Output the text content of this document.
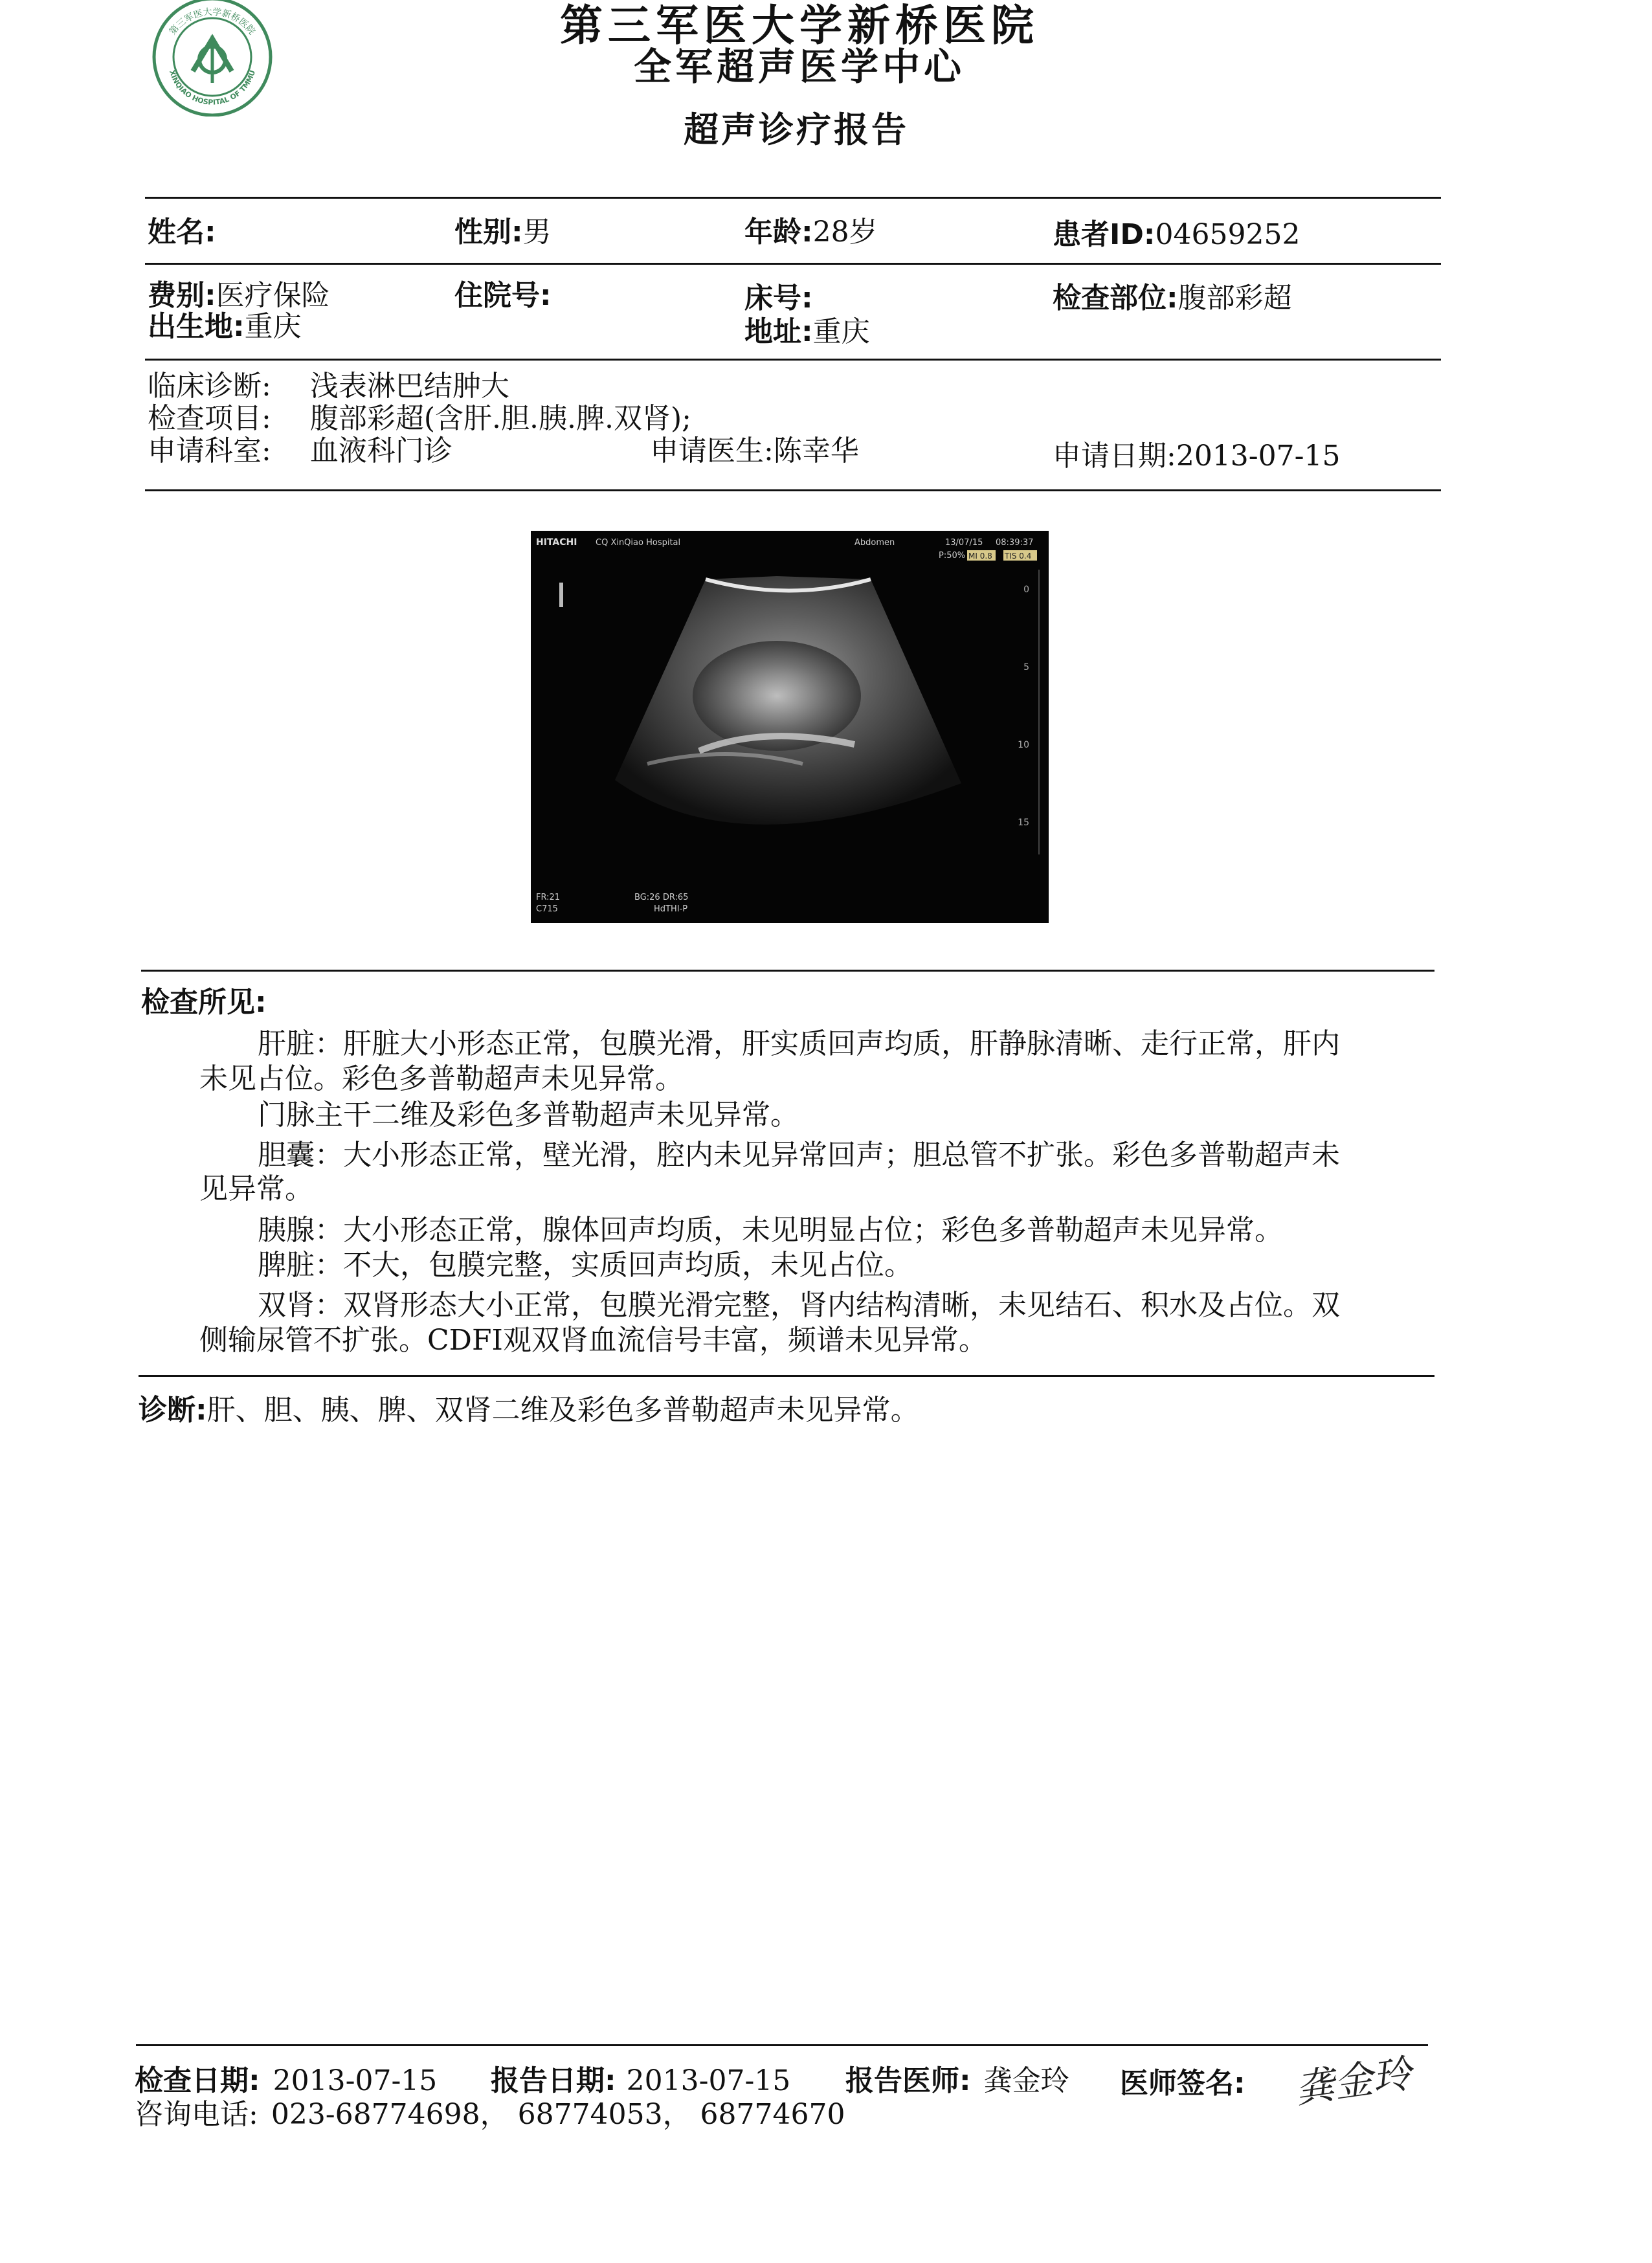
第三军医大学新桥医院
XINQIAO HOSPITAL OF TMMU
第三军医大学新桥医院
全军超声医学中心
超声诊疗报告
姓名:	性别:男	年龄:28岁	患者ID:04659252
费别:医疗保险	住院号:	床号:	检查部位:腹部彩超
出生地:重庆	地址:重庆
临床诊断: 浅表淋巴结肿大
检查项目: 腹部彩超(含肝.胆.胰.脾.双肾);
申请科室: 血液科门诊	申请医生:陈幸华	申请日期:2013-07-15
0
5
10
15
HITACHI CQ XinQiao Hospital	Abdomen	13/07/15 08:39:37
P:50% MI 0.8 TIS 0.4
FR:21
C715
BG:26 DR:65
HdTHI-P
检查所见:
肝脏：肝脏大小形态正常，包膜光滑，肝实质回声均质，肝静脉清晰、走行正常，肝内
未见占位。彩色多普勒超声未见异常。
门脉主干二维及彩色多普勒超声未见异常。
胆囊：大小形态正常，壁光滑，腔内未见异常回声；胆总管不扩张。彩色多普勒超声未
见异常。
胰腺：大小形态正常，腺体回声均质，未见明显占位；彩色多普勒超声未见异常。
脾脏：不大，包膜完整，实质回声均质，未见占位。
双肾：双肾形态大小正常，包膜光滑完整，肾内结构清晰，未见结石、积水及占位。双
侧输尿管不扩张。CDFI观双肾血流信号丰富，频谱未见异常。
诊断:肝、胆、胰、脾、双肾二维及彩色多普勒超声未见异常。
检查日期: 2013-07-15 报告日期: 2013-07-15 报告医师: 龚金玲 医师签名: 龚金玲
咨询电话: 023-68774698， 68774053， 68774670
